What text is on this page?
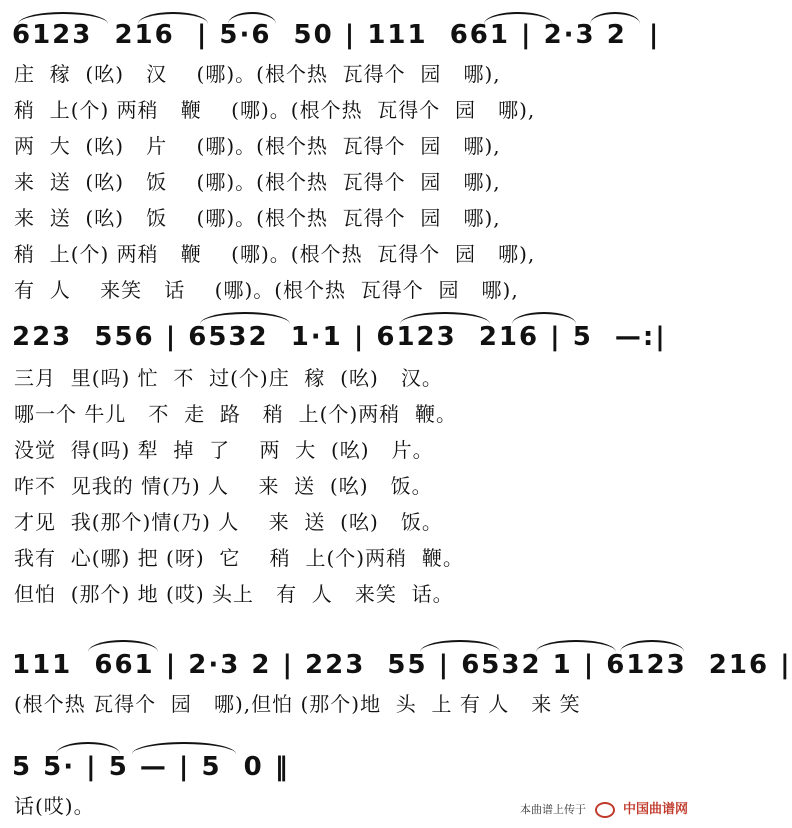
6123  216  | 5·6  50 | 111  661 | 2·3 2  |
庄  稼  (吆)   汉    (哪)。(根个热  瓦得个  园   哪),
稍  上(个) 两稍   鞭    (哪)。(根个热  瓦得个  园   哪),
两  大  (吆)   片    (哪)。(根个热  瓦得个  园   哪),
来  送  (吆)   饭    (哪)。(根个热  瓦得个  园   哪),
来  送  (吆)   饭    (哪)。(根个热  瓦得个  园   哪),
稍  上(个) 两稍   鞭    (哪)。(根个热  瓦得个  园   哪),
有  人    来笑   话    (哪)。(根个热  瓦得个  园   哪),
223  556 | 6532  1·1 | 6123  216 | 5  —:|
三月  里(吗) 忙  不  过(个)庄  稼  (吆)   汉。
哪一个 牛儿   不  走  路   稍  上(个)两稍  鞭。
没觉  得(吗) 犁  掉  了    两  大  (吆)   片。
咋不  见我的 情(乃) 人    来  送  (吆)   饭。
才见  我(那个)情(乃) 人    来  送  (吆)   饭。
我有  心(哪) 把 (呀)  它    稍  上(个)两稍  鞭。
但怕  (那个) 地 (哎) 头上   有  人   来笑  话。
111  661 | 2·3 2 | 223  55 | 6532 1 | 6123  216 |
(根个热 瓦得个  园   哪),但怕 (那个)地  头  上 有 人   来 笑
5 5· | 5 — | 5  0 ‖
话(哎)。	本曲谱上传于	中国曲谱网
